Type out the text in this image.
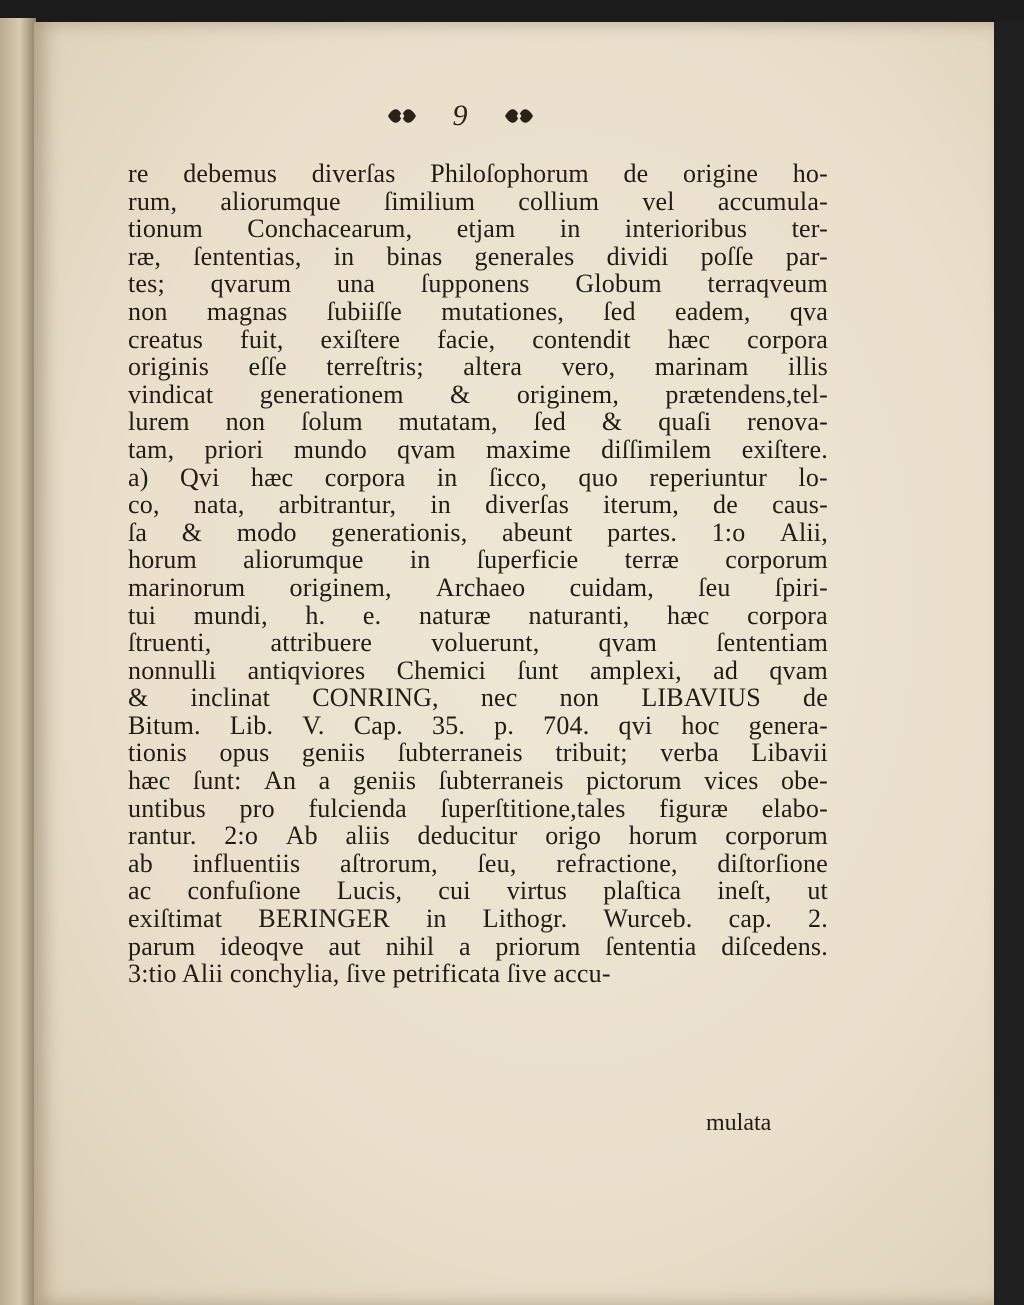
9
re debemus diverſas Philoſophorum de origine ho-
rum, aliorumque ſimilium collium vel accumula-
tionum Conchacearum, etjam in interioribus ter-
ræ, ſententias, in binas generales dividi poſſe par-
tes; qvarum una ſupponens Globum terraqveum
non magnas ſubiiſſe mutationes, ſed eadem, qva
creatus fuit, exiſtere facie, contendit hæc corpora
originis eſſe terreſtris; altera vero, marinam illis
vindicat generationem & originem, prætendens,tel-
lurem non ſolum mutatam, ſed & quaſi renova-
tam, priori mundo qvam maxime diſſimilem exiſtere.
a) Qvi hæc corpora in ſicco, quo reperiuntur lo-
co, nata, arbitrantur, in diverſas iterum, de caus-
ſa & modo generationis, abeunt partes. 1:o Alii,
horum aliorumque in ſuperficie terræ corporum
marinorum originem, Archaeo cuidam, ſeu ſpiri-
tui mundi, h. e. naturæ naturanti, hæc corpora
ſtruenti, attribuere voluerunt, qvam ſententiam
nonnulli antiqviores Chemici ſunt amplexi, ad qvam
& inclinat CONRING, nec non LIBAVIUS de
Bitum. Lib. V. Cap. 35. p. 704. qvi hoc genera-
tionis opus geniis ſubterraneis tribuit; verba Libavii
hæc ſunt: An a geniis ſubterraneis pictorum vices obe-
untibus pro fulcienda ſuperſtitione,tales figuræ elabo-
rantur. 2:o Ab aliis deducitur origo horum corporum
ab influentiis aſtrorum, ſeu, refractione, diſtorſione
ac confuſione Lucis, cui virtus plaſtica ineſt, ut
exiſtimat BERINGER in Lithogr. Wurceb. cap. 2.
parum ideoqve aut nihil a priorum ſententia diſcedens.
3:tio Alii conchylia, ſive petrificata ſive accu-
mulata
